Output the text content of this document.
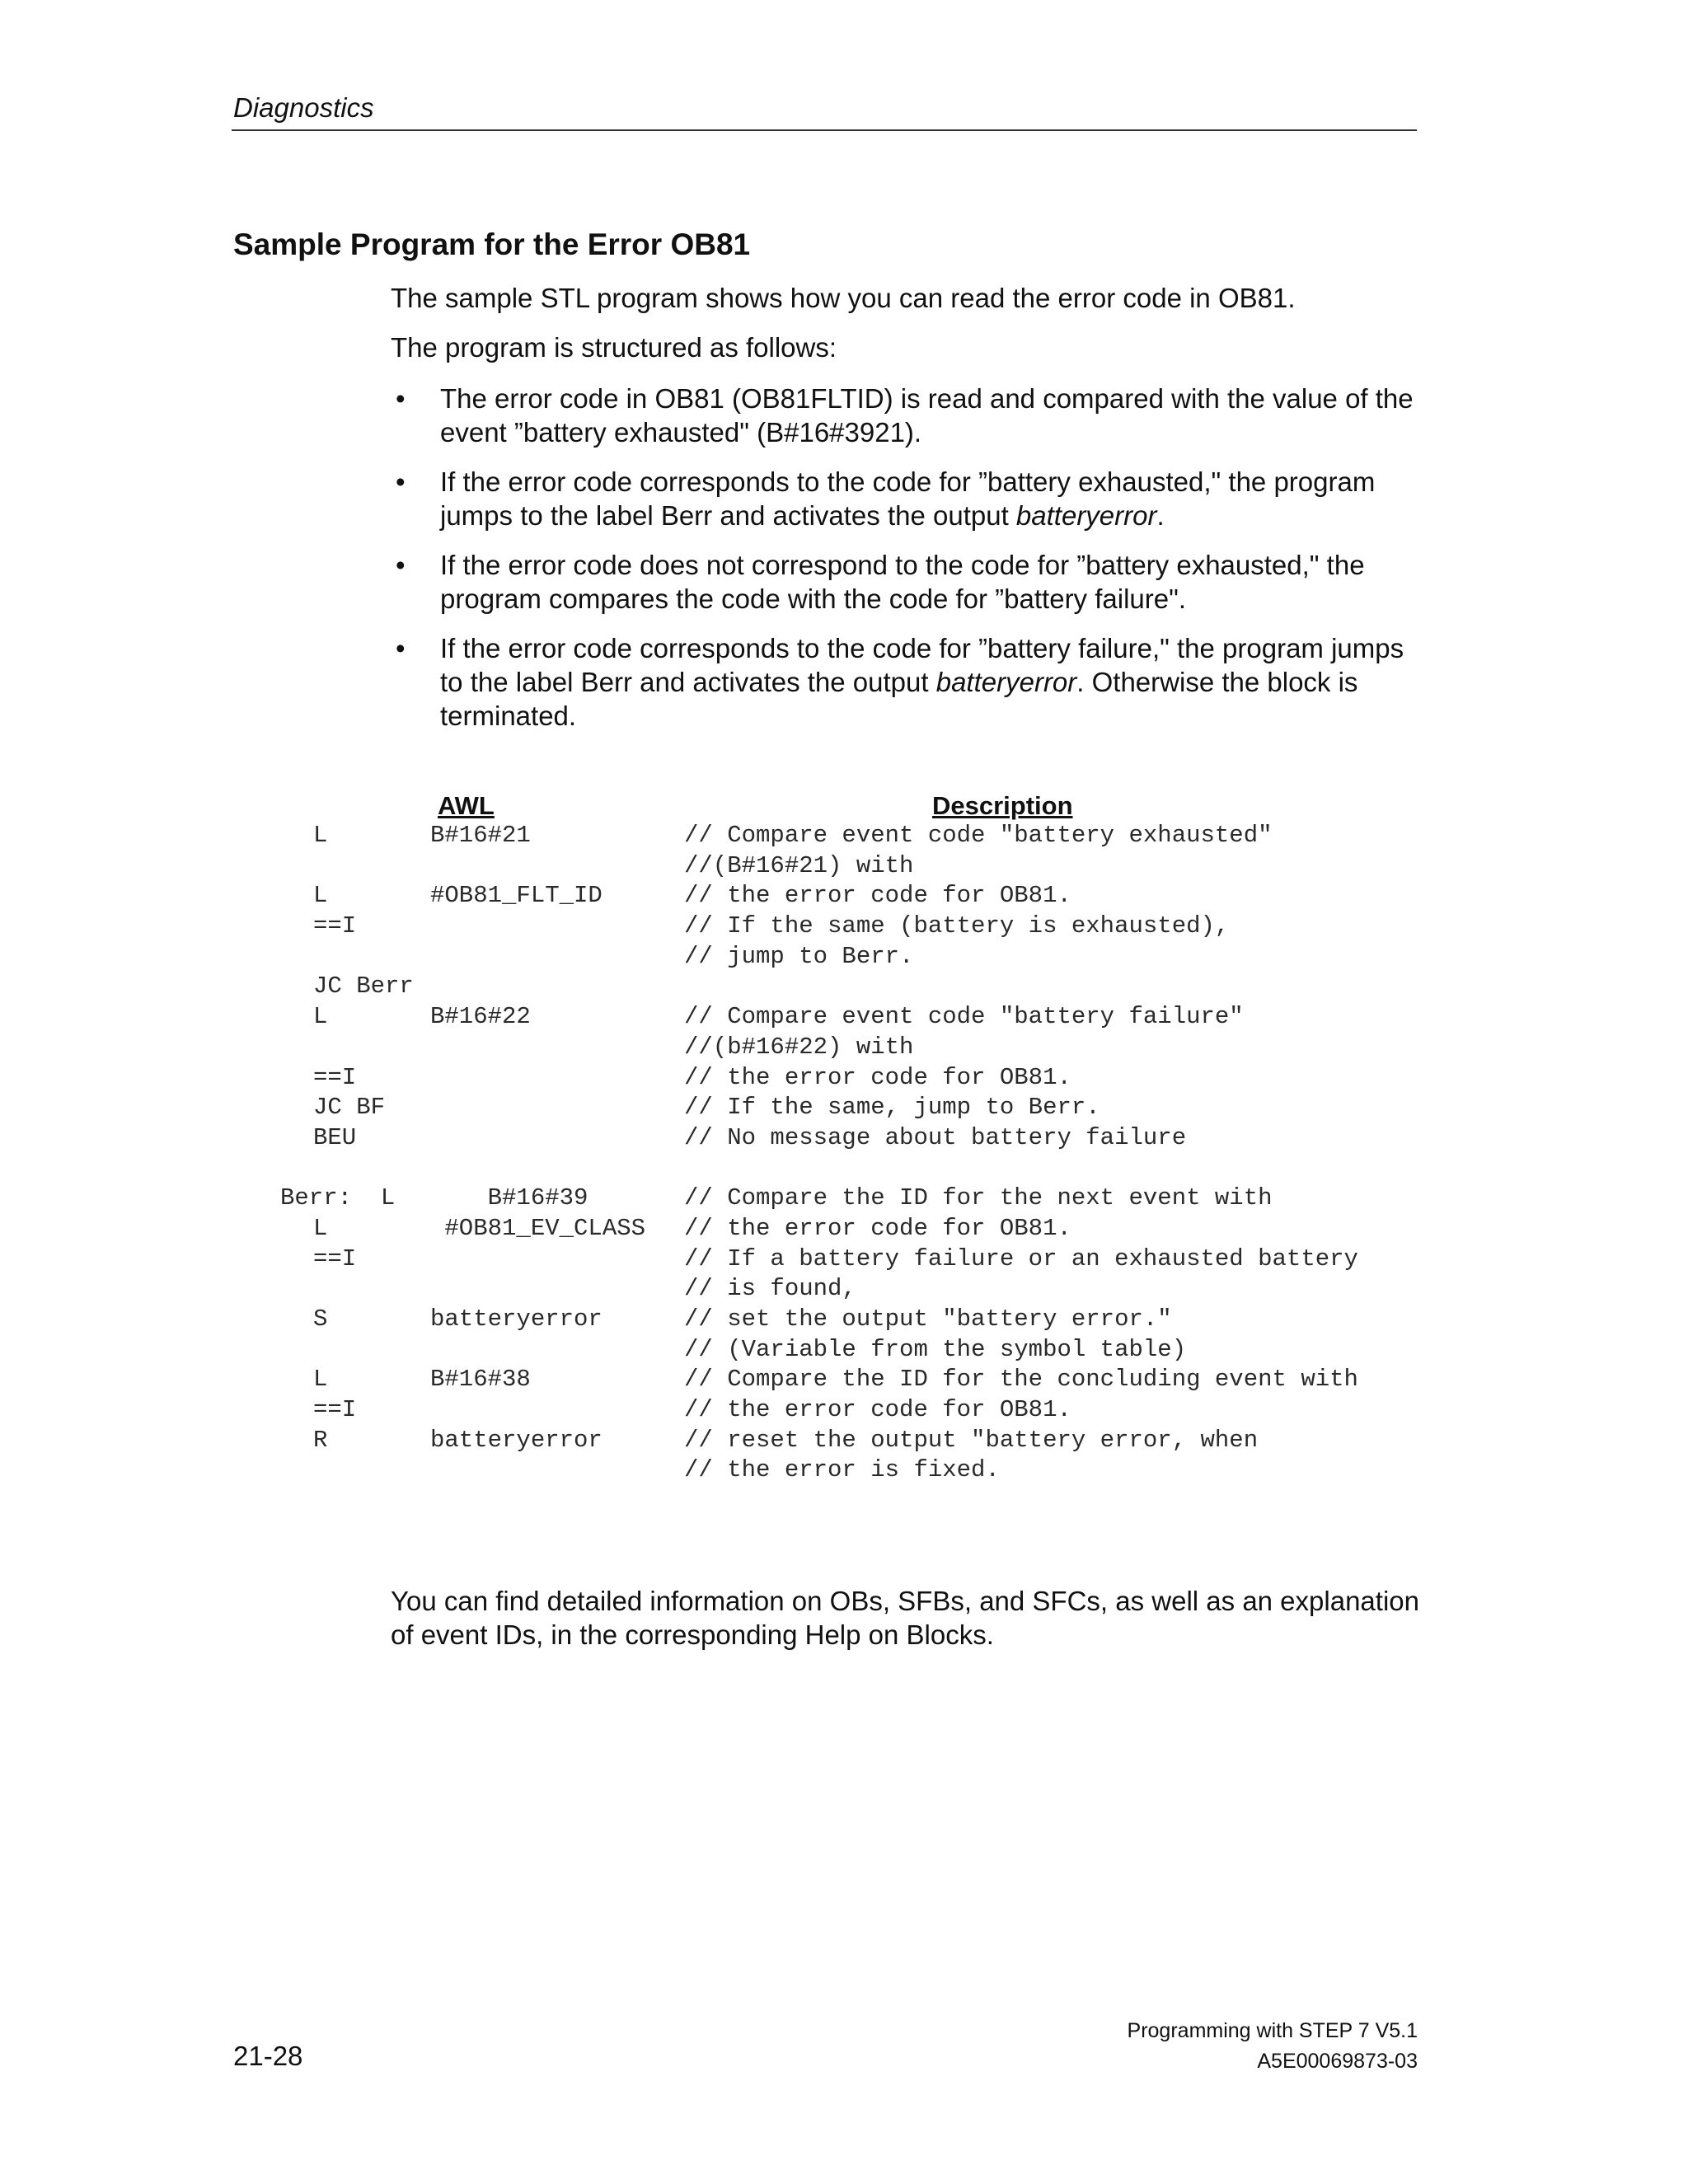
Diagnostics
Sample Program for the Error OB81

The sample STL program shows how you can read the error code in OB81.

The program is structured as follows:

• The error code in OB81 (OB81FLTID) is read and compared with the value of the event ”battery exhausted" (B#16#3921).
• If the error code corresponds to the code for ”battery exhausted," the program jumps to the label Berr and activates the output batteryerror.
• If the error code does not correspond to the code for ”battery exhausted," the program compares the code with the code for ”battery failure".
• If the error code corresponds to the code for ”battery failure," the program jumps to the label Berr and activates the output batteryerror. Otherwise the block is terminated.
AWL	Description
L	B#16#21	// Compare event code "battery exhausted"
//(B#16#21) with
L	#OB81_FLT_ID	// the error code for OB81.
==I	// If the same (battery is exhausted),
// jump to Berr.
JC Berr
L	B#16#22	// Compare event code "battery failure"
//(b#16#22) with
==I	// the error code for OB81.
JC BF	// If the same, jump to Berr.
BEU	// No message about battery failure
Berr:  L B#16#39	// Compare the ID for the next event with
L	#OB81_EV_CLASS // the error code for OB81.
==I	// If a battery failure or an exhausted battery
// is found,
S	batteryerror	// set the output "battery error."
// (Variable from the symbol table)
L	B#16#38	// Compare the ID for the concluding event with
==I	// the error code for OB81.
R	batteryerror	// reset the output "battery error, when
// the error is fixed.

You can find detailed information on OBs, SFBs, and SFCs, as well as an explanation of event IDs, in the corresponding Help on Blocks.

21-28
Programming with STEP 7 V5.1
A5E00069873-03
